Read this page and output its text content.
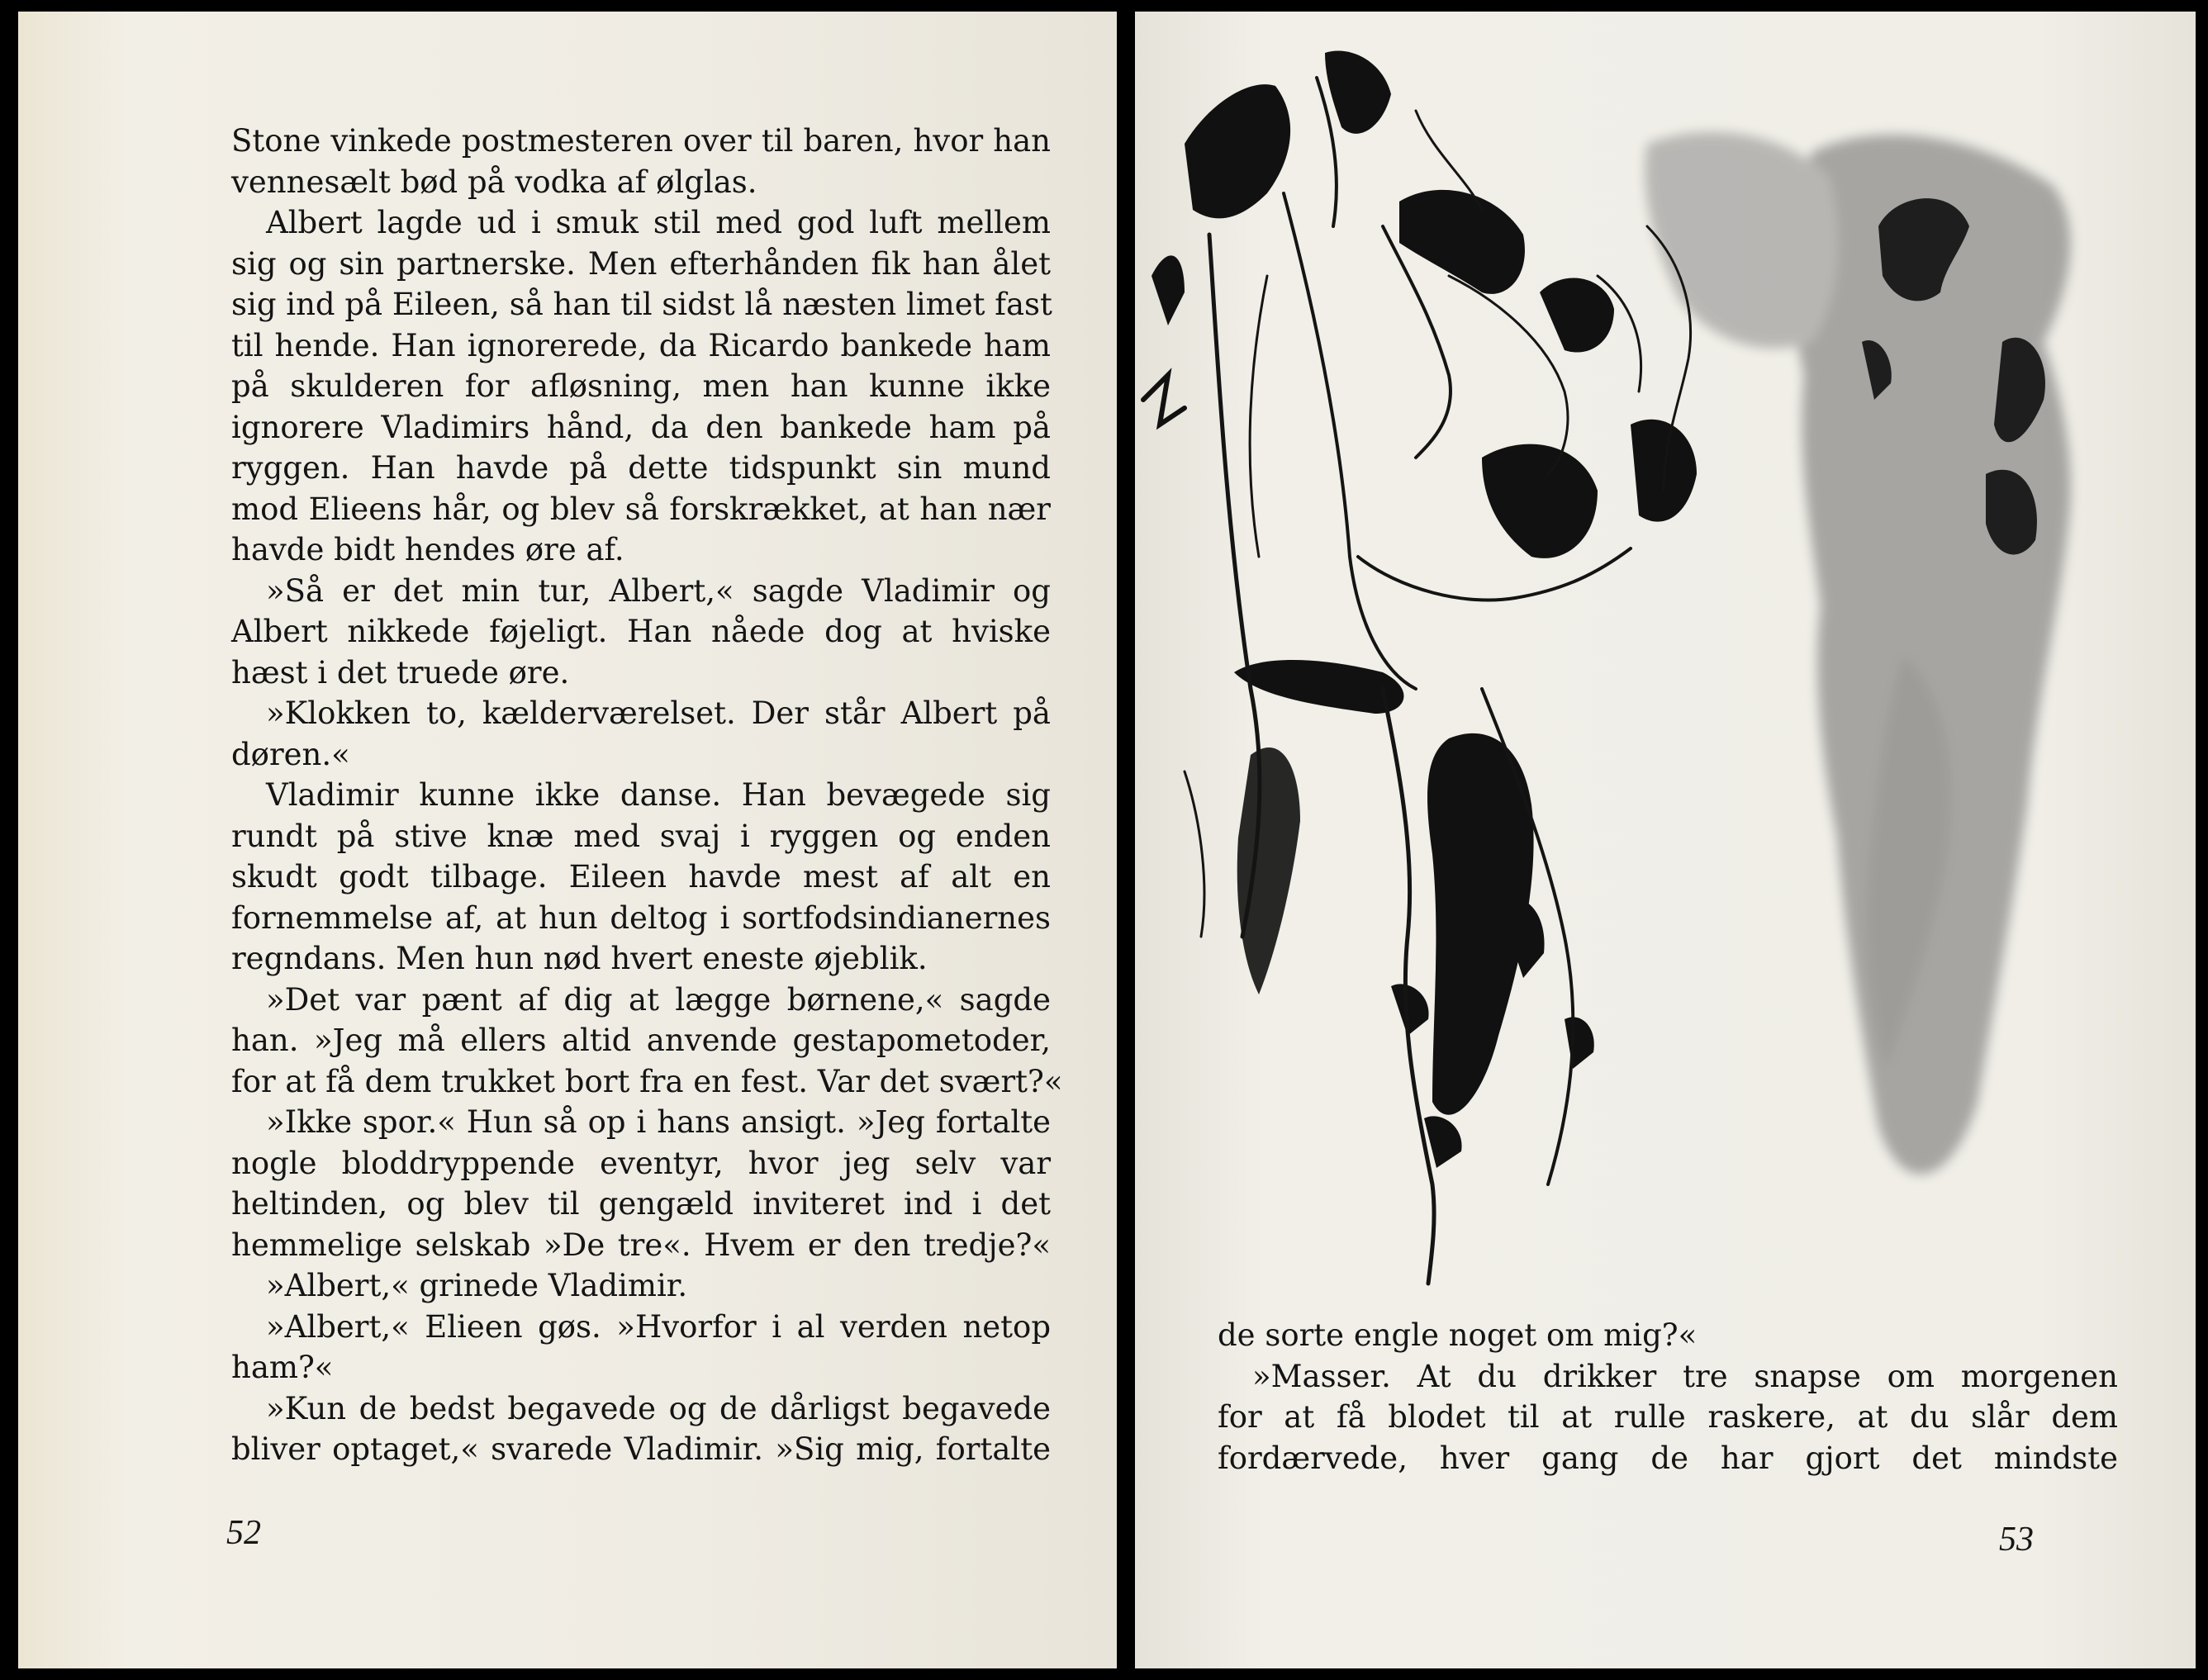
Stone vinkede postmesteren over til baren, hvor han
vennesælt bød på vodka af ølglas.
Albert lagde ud i smuk stil med god luft mellem
sig og sin partnerske. Men efterhånden fik han ålet
sig ind på Eileen, så han til sidst lå næsten limet fast
til hende. Han ignorerede, da Ricardo bankede ham
på skulderen for afløsning, men han kunne ikke
ignorere Vladimirs hånd, da den bankede ham på
ryggen. Han havde på dette tidspunkt sin mund
mod Elieens hår, og blev så forskrækket, at han nær
havde bidt hendes øre af.
»Så er det min tur, Albert,« sagde Vladimir og
Albert nikkede føjeligt. Han nåede dog at hviske
hæst i det truede øre.
»Klokken to, kælderværelset. Der står Albert på
døren.«
Vladimir kunne ikke danse. Han bevægede sig
rundt på stive knæ med svaj i ryggen og enden
skudt godt tilbage. Eileen havde mest af alt en
fornemmelse af, at hun deltog i sortfodsindianernes
regndans. Men hun nød hvert eneste øjeblik.
»Det var pænt af dig at lægge børnene,« sagde
han. »Jeg må ellers altid anvende gestapometoder,
for at få dem trukket bort fra en fest. Var det svært?«
»Ikke spor.« Hun så op i hans ansigt. »Jeg fortalte
nogle bloddryppende eventyr, hvor jeg selv var
heltinden, og blev til gengæld inviteret ind i det
hemmelige selskab »De tre«. Hvem er den tredje?«
»Albert,« grinede Vladimir.
»Albert,« Elieen gøs. »Hvorfor i al verden netop
ham?«
»Kun de bedst begavede og de dårligst begavede
bliver optaget,« svarede Vladimir. »Sig mig, fortalte
52
de sorte engle noget om mig?«
»Masser. At du drikker tre snapse om morgenen
for at få blodet til at rulle raskere, at du slår dem
fordærvede, hver gang de har gjort det mindste
53
